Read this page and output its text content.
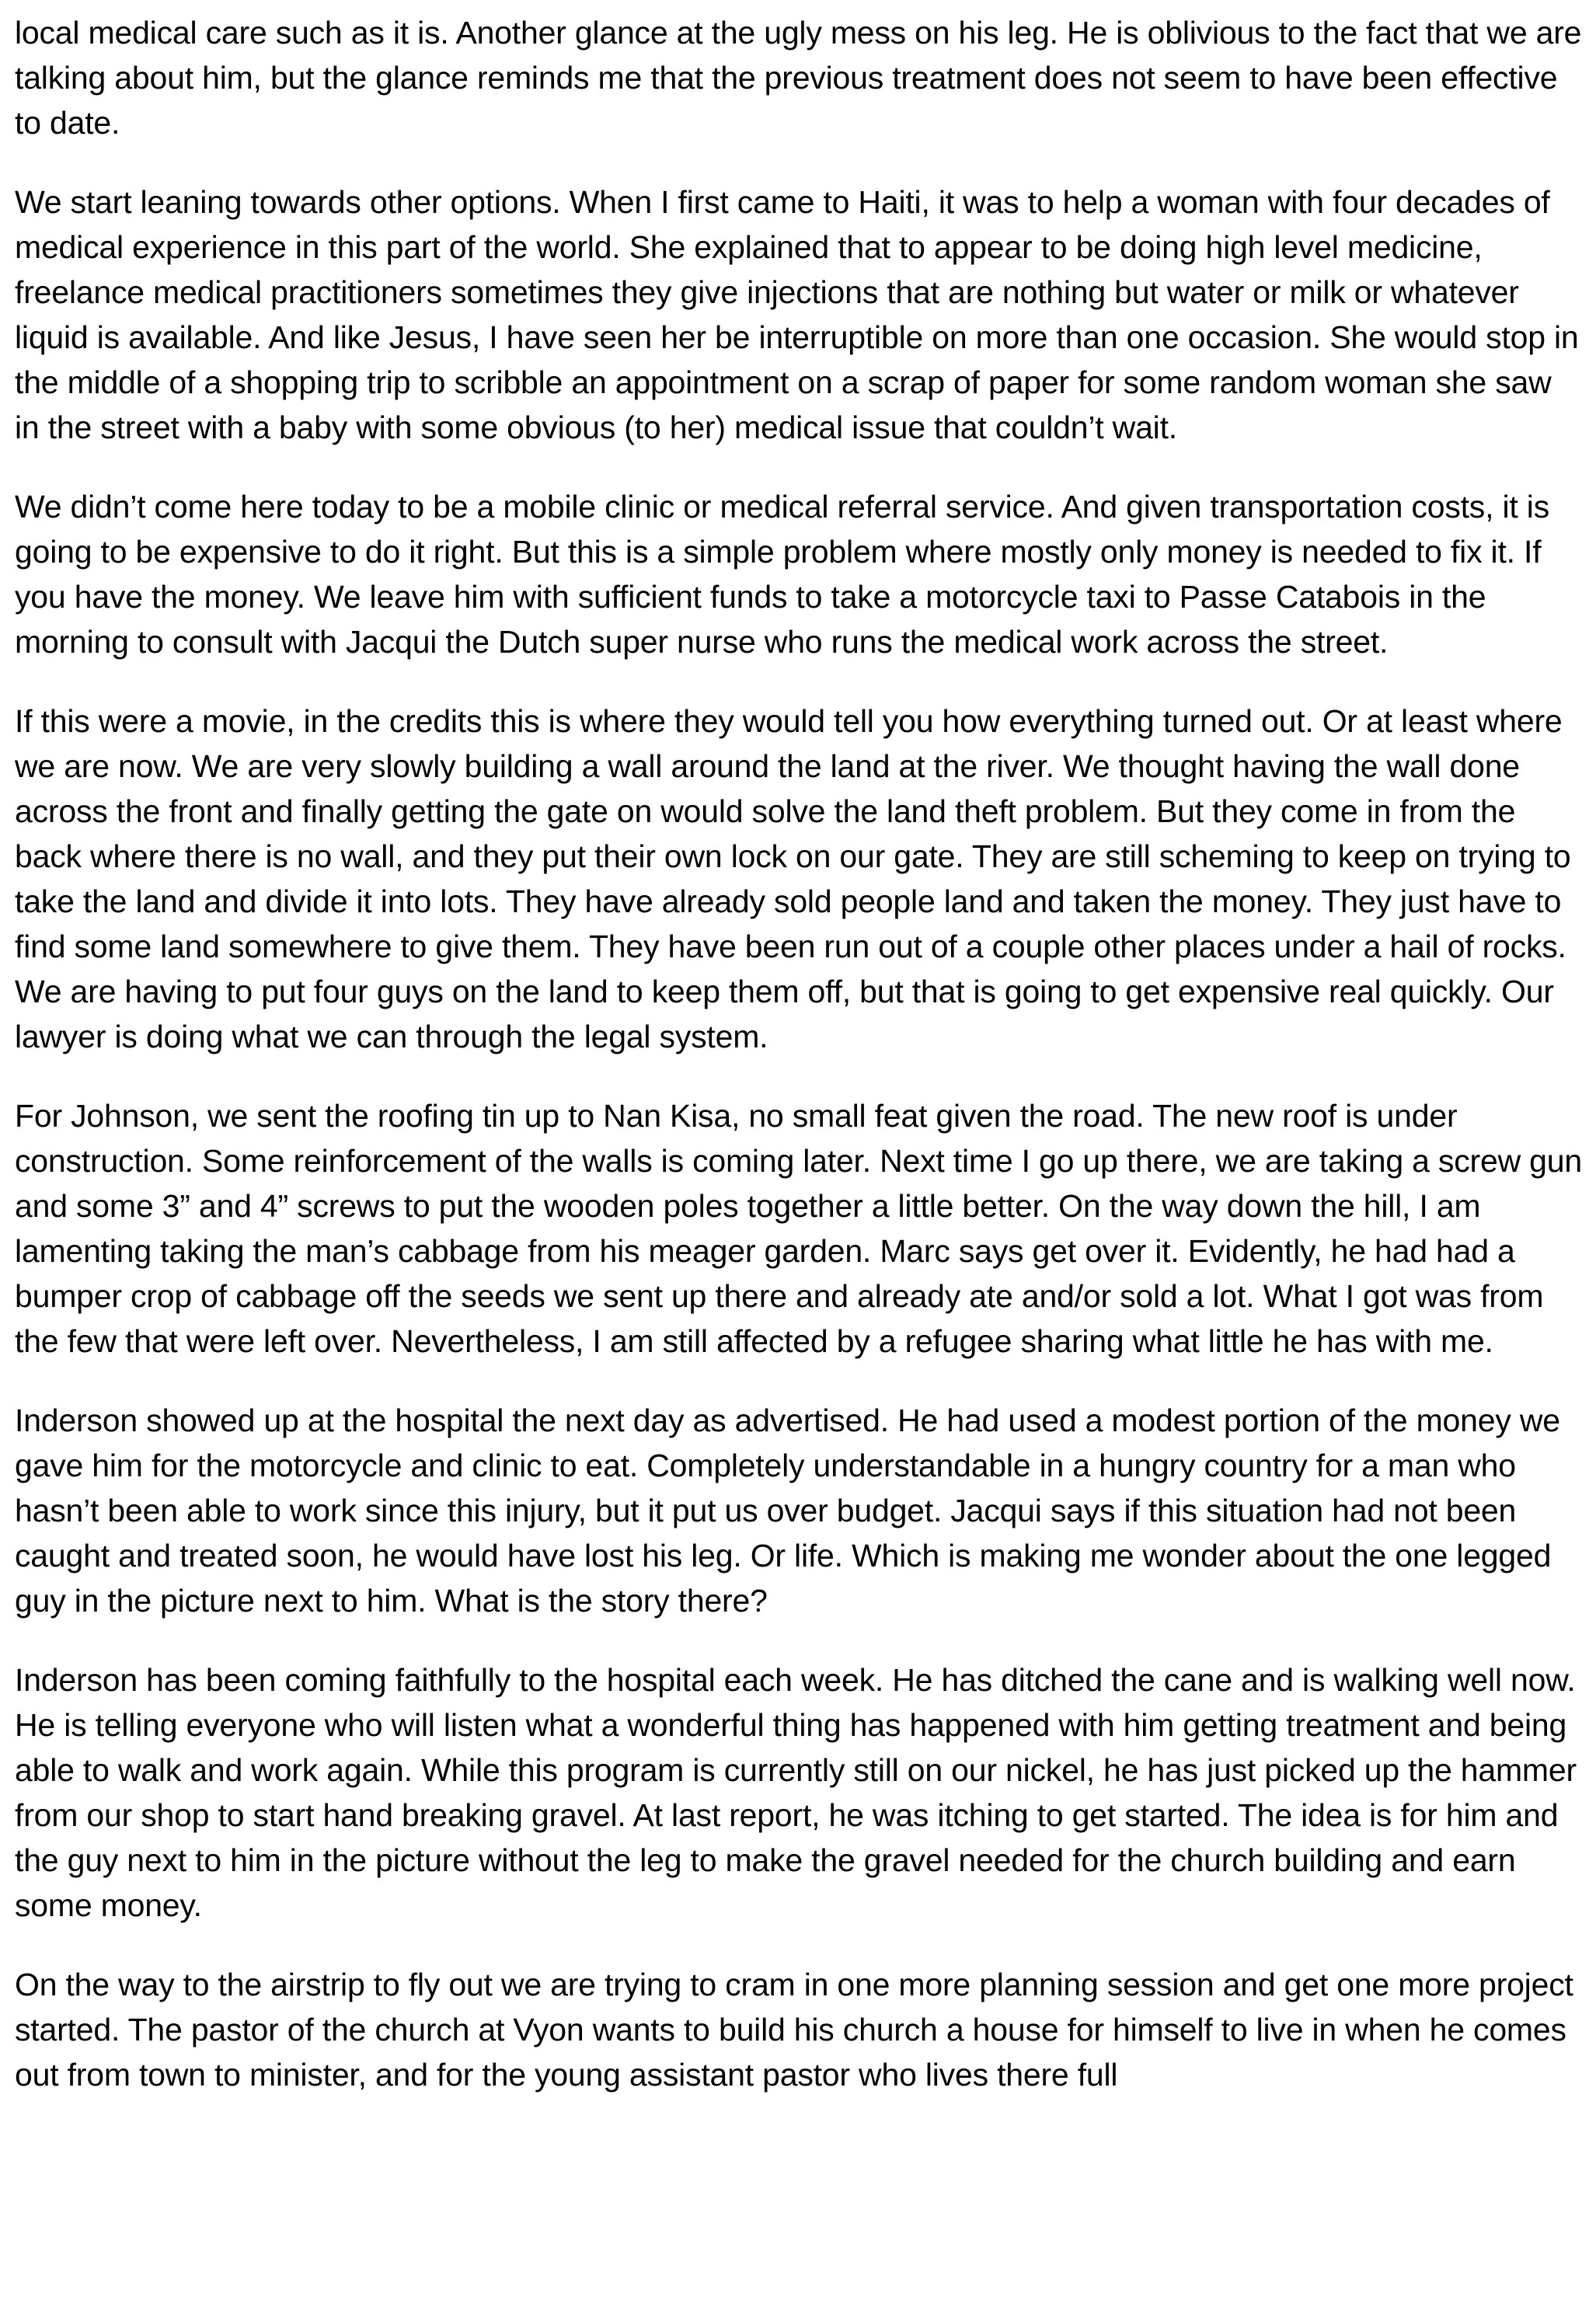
local medical care such as it is. Another glance at the ugly mess on his leg. He is oblivious to the fact that we are talking about him, but the glance reminds me that the previous treatment does not seem to have been effective to date.

We start leaning towards other options. When I first came to Haiti, it was to help a woman with four decades of medical experience in this part of the world. She explained that to appear to be doing high level medicine, freelance medical practitioners sometimes they give injections that are nothing but water or milk or whatever liquid is available. And like Jesus, I have seen her be interruptible on more than one occasion. She would stop in the middle of a shopping trip to scribble an appointment on a scrap of paper for some random woman she saw in the street with a baby with some obvious (to her) medical issue that couldn’t wait.

We didn’t come here today to be a mobile clinic or medical referral service. And given transportation costs, it is going to be expensive to do it right. But this is a simple problem where mostly only money is needed to fix it. If you have the money. We leave him with sufficient funds to take a motorcycle taxi to Passe Catabois in the morning to consult with Jacqui the Dutch super nurse who runs the medical work across the street.

If this were a movie, in the credits this is where they would tell you how everything turned out. Or at least where we are now. We are very slowly building a wall around the land at the river. We thought having the wall done across the front and finally getting the gate on would solve the land theft problem. But they come in from the back where there is no wall, and they put their own lock on our gate. They are still scheming to keep on trying to take the land and divide it into lots. They have already sold people land and taken the money. They just have to find some land somewhere to give them. They have been run out of a couple other places under a hail of rocks. We are having to put four guys on the land to keep them off, but that is going to get expensive real quickly. Our lawyer is doing what we can through the legal system.

For Johnson, we sent the roofing tin up to Nan Kisa, no small feat given the road. The new roof is under construction. Some reinforcement of the walls is coming later. Next time I go up there, we are taking a screw gun and some 3” and 4” screws to put the wooden poles together a little better. On the way down the hill, I am lamenting taking the man’s cabbage from his meager garden. Marc says get over it. Evidently, he had had a bumper crop of cabbage off the seeds we sent up there and already ate and/or sold a lot. What I got was from the few that were left over. Nevertheless, I am still affected by a refugee sharing what little he has with me.

Inderson showed up at the hospital the next day as advertised. He had used a modest portion of the money we gave him for the motorcycle and clinic to eat. Completely understandable in a hungry country for a man who hasn’t been able to work since this injury, but it put us over budget. Jacqui says if this situation had not been caught and treated soon, he would have lost his leg. Or life. Which is making me wonder about the one legged guy in the picture next to him. What is the story there?

Inderson has been coming faithfully to the hospital each week. He has ditched the cane and is walking well now. He is telling everyone who will listen what a wonderful thing has happened with him getting treatment and being able to walk and work again. While this program is currently still on our nickel, he has just picked up the hammer from our shop to start hand breaking gravel. At last report, he was itching to get started. The idea is for him and the guy next to him in the picture without the leg to make the gravel needed for the church building and earn some money.

On the way to the airstrip to fly out we are trying to cram in one more planning session and get one more project started. The pastor of the church at Vyon wants to build his church a house for himself to live in when he comes out from town to minister, and for the young assistant pastor who lives there full
